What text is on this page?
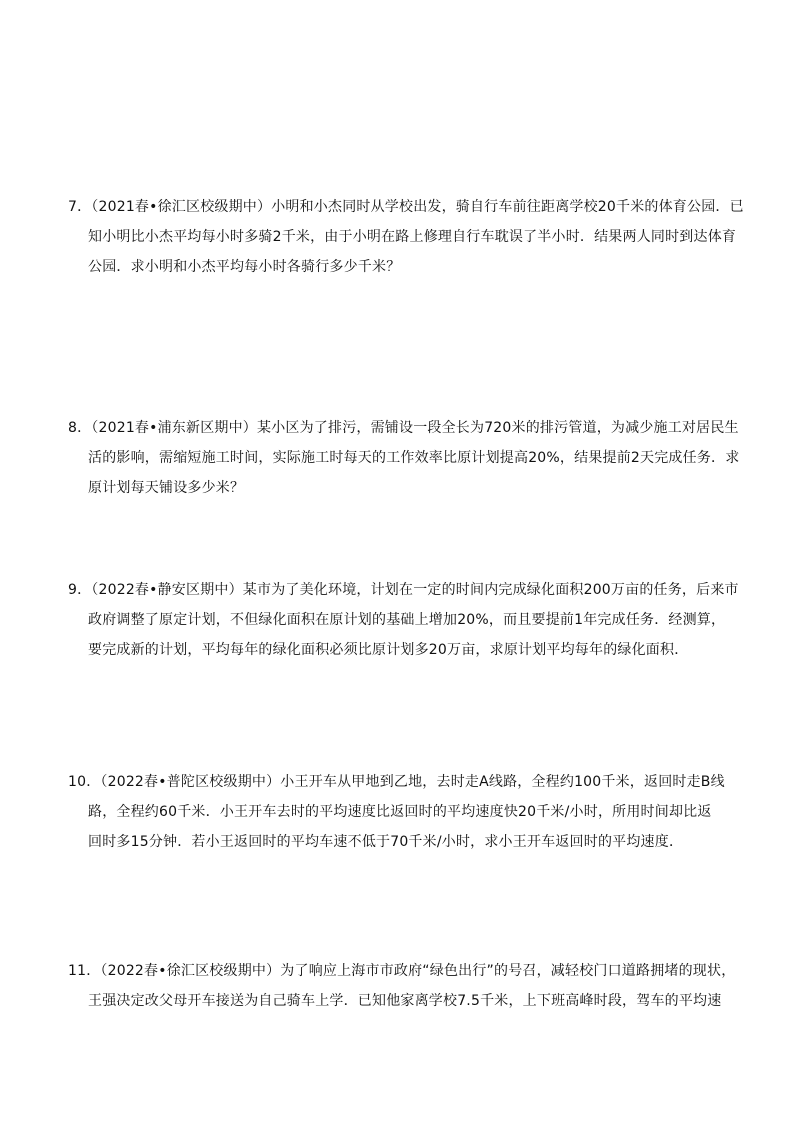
7．（2021春•徐汇区校级期中）小明和小杰同时从学校出发，骑自行车前往距离学校20千米的体育公园．已
知小明比小杰平均每小时多骑2千米，由于小明在路上修理自行车耽误了半小时．结果两人同时到达体育
公园．求小明和小杰平均每小时各骑行多少千米？
8．（2021春•浦东新区期中）某小区为了排污，需铺设一段全长为720米的排污管道，为减少施工对居民生
活的影响，需缩短施工时间，实际施工时每天的工作效率比原计划提高20%，结果提前2天完成任务．求
原计划每天铺设多少米？
9．（2022春•静安区期中）某市为了美化环境，计划在一定的时间内完成绿化面积200万亩的任务，后来市
政府调整了原定计划，不但绿化面积在原计划的基础上增加20%，而且要提前1年完成任务．经测算，
要完成新的计划，平均每年的绿化面积必须比原计划多20万亩，求原计划平均每年的绿化面积．
10．（2022春•普陀区校级期中）小王开车从甲地到乙地，去时走A线路，全程约100千米，返回时走B线
路，全程约60千米．小王开车去时的平均速度比返回时的平均速度快20千米/小时，所用时间却比返
回时多15分钟．若小王返回时的平均车速不低于70千米/小时，求小王开车返回时的平均速度．
11．（2022春•徐汇区校级期中）为了响应上海市市政府“绿色出行”的号召，减轻校门口道路拥堵的现状，
王强决定改父母开车接送为自己骑车上学．已知他家离学校7.5千米，上下班高峰时段，驾车的平均速
